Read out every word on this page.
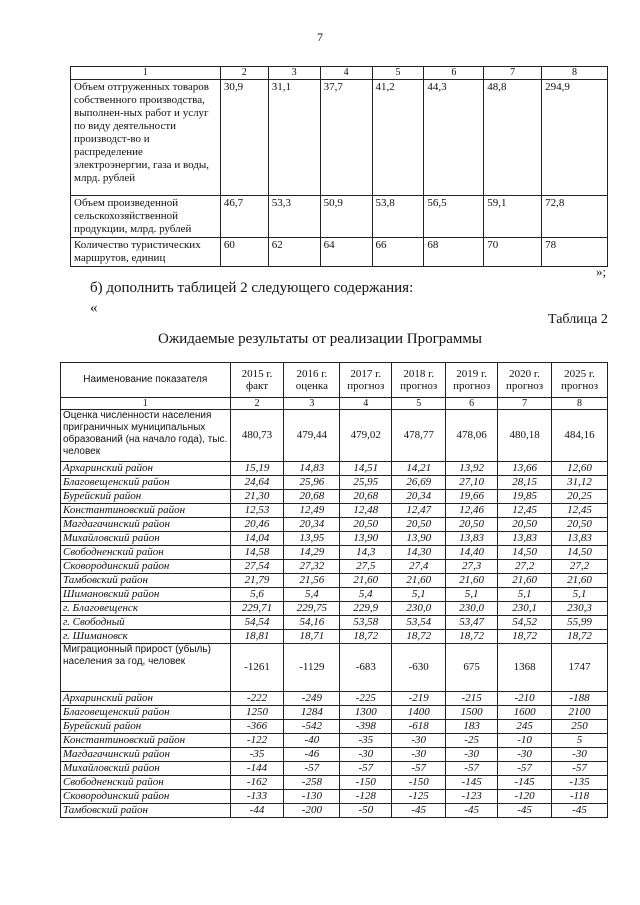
7
1	2	3	4	5	6	7	8
Объем отгруженных товаров собственного производства, выполнен-ных работ и услуг по виду деятельности производст-во и распределение электроэнергии, газа и воды, млрд. рублей	30,9	31,1	37,7	41,2	44,3	48,8	294,9
Объем произведенной сельскохозяйственной продукции, млрд. рублей	46,7	53,3	50,9	53,8	56,5	59,1	72,8
Количество туристических маршрутов, единиц	60	62	64	66	68	70	78
»;
б) дополнить таблицей 2 следующего содержания:
«
Таблица 2
Ожидаемые результаты от реализации Программы
Наименование показателя	2015 г. факт	2016 г. оценка	2017 г. прогноз	2018 г. прогноз	2019 г. прогноз	2020 г. прогноз	2025 г. прогноз
1	2	3	4	5	6	7	8
Оценка численности населения приграничных муниципальных образований (на начало года), тыс. человек	480,73	479,44	479,02	478,77	478,06	480,18	484,16
Архаринский район	15,19	14,83	14,51	14,21	13,92	13,66	12,60
Благовещенский район	24,64	25,96	25,95	26,69	27,10	28,15	31,12
Бурейский район	21,30	20,68	20,68	20,34	19,66	19,85	20,25
Константиновский район	12,53	12,49	12,48	12,47	12,46	12,45	12,45
Магдагачинский район	20,46	20,34	20,50	20,50	20,50	20,50	20,50
Михайловский район	14,04	13,95	13,90	13,90	13,83	13,83	13,83
Свободненский район	14,58	14,29	14,3	14,30	14,40	14,50	14,50
Сковородинский район	27,54	27,32	27,5	27,4	27,3	27,2	27,2
Тамбовский район	21,79	21,56	21,60	21,60	21,60	21,60	21,60
Шимановский район	5,6	5,4	5,4	5,1	5,1	5,1	5,1
г. Благовещенск	229,71	229,75	229,9	230,0	230,0	230,1	230,3
г. Свободный	54,54	54,16	53,58	53,54	53,47	54,52	55,99
г. Шимановск	18,81	18,71	18,72	18,72	18,72	18,72	18,72
Миграционный прирост (убыль) населения за год, человек	-1261	-1129	-683	-630	675	1368	1747
Архаринский район	-222	-249	-225	-219	-215	-210	-188
Благовещенский район	1250	1284	1300	1400	1500	1600	2100
Бурейский район	-366	-542	-398	-618	183	245	250
Константиновский район	-122	-40	-35	-30	-25	-10	5
Магдагачинский район	-35	-46	-30	-30	-30	-30	-30
Михайловский район	-144	-57	-57	-57	-57	-57	-57
Свободненский район	-162	-258	-150	-150	-145	-145	-135
Сковородинский район	-133	-130	-128	-125	-123	-120	-118
Тамбовский район	-44	-200	-50	-45	-45	-45	-45
